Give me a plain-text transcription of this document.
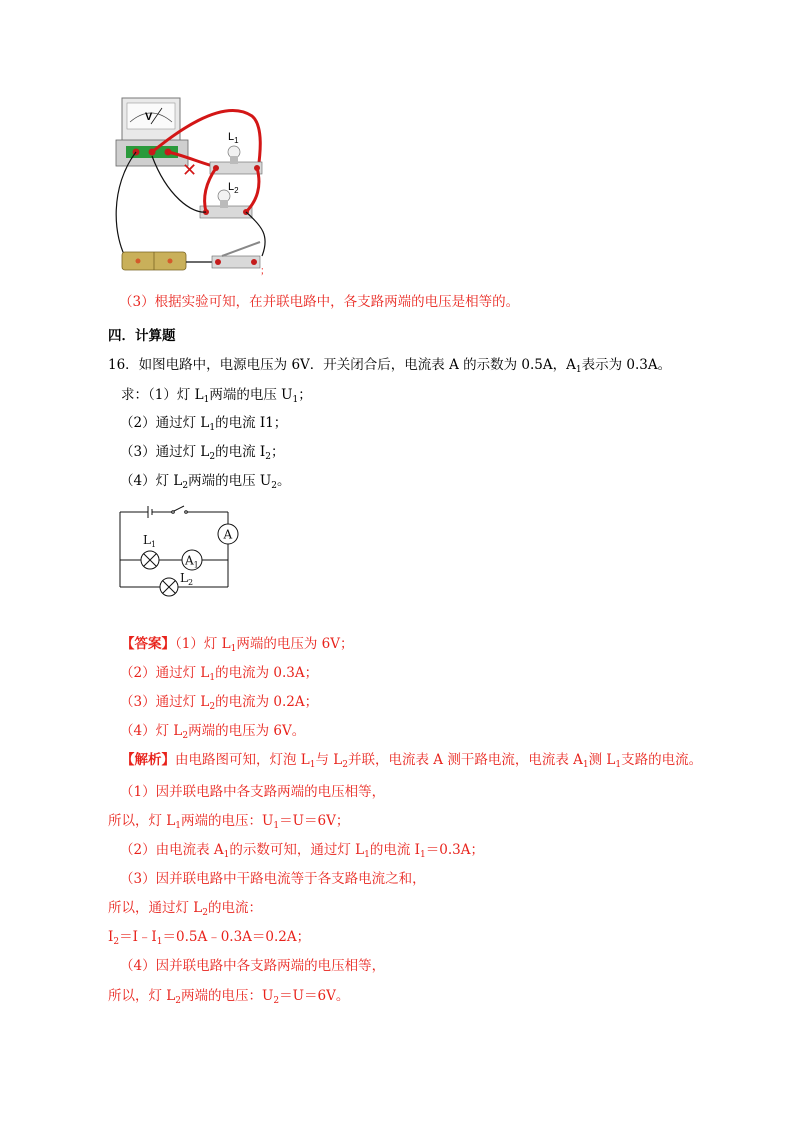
V
✕
$L_1$
$L_2$
；
（3）根据实验可知，在并联电路中，各支路两端的电压是相等的。
四．计算题
16．如图电路中，电源电压为 6V．开关闭合后，电流表 A 的示数为 0.5A，$A_1$表示为 0.3A。
求：（1）灯 $L_1$两端的电压 $U_1$；
（2）通过灯 $L_1$的电流 I1；
（3）通过灯 $L_2$的电流 $I_2$；
（4）灯 $L_2$两端的电压 $U_2$。
A
$A_1$
$L_1$
$L_2$
【答案】（1）灯 $L_1$两端的电压为 6V；
（2）通过灯 $L_1$的电流为 0.3A；
（3）通过灯 $L_2$的电流为 0.2A；
（4）灯 $L_2$两端的电压为 6V。
【解析】由电路图可知，灯泡 $L_1$与 $L_2$并联，电流表 A 测干路电流，电流表 $A_1$测 $L_1$支路的电流。
（1）因并联电路中各支路两端的电压相等，
所以，灯 $L_1$两端的电压：$U_1=U=6V$；
（2）由电流表 $A_1$的示数可知，通过灯 $L_1$的电流 $I_1=0.3A$；
（3）因并联电路中干路电流等于各支路电流之和，
所以，通过灯 $L_2$的电流：
$I_2=I﹣I_1=0.5A﹣0.3A=0.2A$；
（4）因并联电路中各支路两端的电压相等，
所以，灯 $L_2$两端的电压：$U_2=U=6V$。
